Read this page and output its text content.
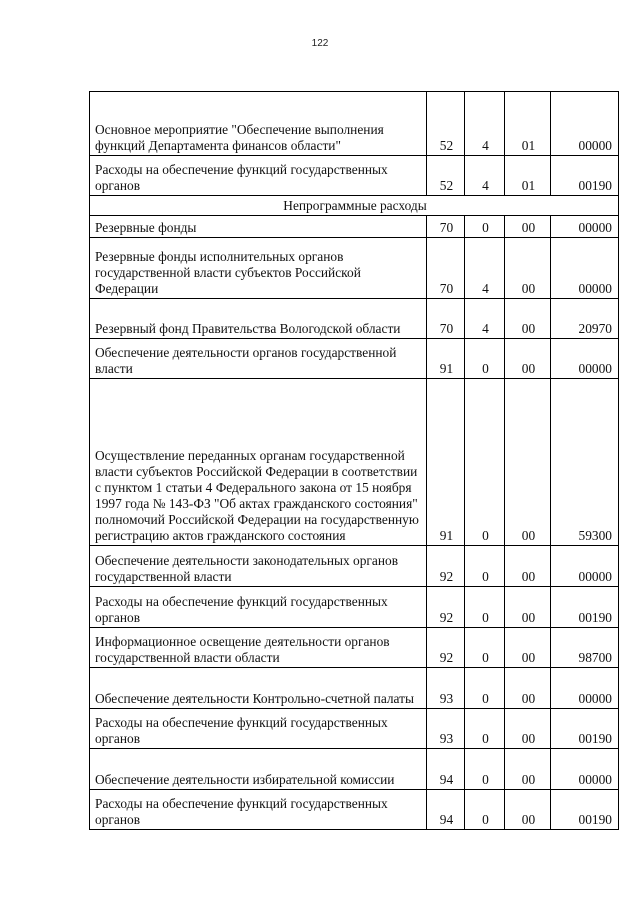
122
Основное мероприятие "Обеспечение выполнения функций Департамента финансов области"	52	4	01	00000
Расходы на обеспечение функций государственных органов	52	4	01	00190
Непрограммные расходы				
Резервные фонды	70	0	00	00000
Резервные фонды исполнительных органов государственной власти субъектов Российской Федерации	70	4	00	00000
Резервный фонд Правительства Вологодской области	70	4	00	20970
Обеспечение деятельности органов государственной власти	91	0	00	00000
Осуществление переданных органам государственной власти субъектов Российской Федерации в соответствии с пунктом 1 статьи 4 Федерального закона от 15 ноября 1997 года № 143-ФЗ "Об актах гражданского состояния" полномочий Российской Федерации на государственную регистрацию актов гражданского состояния	91	0	00	59300
Обеспечение деятельности законодательных органов государственной власти	92	0	00	00000
Расходы на обеспечение функций государственных органов	92	0	00	00190
Информационное освещение деятельности органов государственной власти области	92	0	00	98700
Обеспечение деятельности Контрольно-счетной палаты	93	0	00	00000
Расходы на обеспечение функций государственных органов	93	0	00	00190
Обеспечение деятельности избирательной комиссии	94	0	00	00000
Расходы на обеспечение функций государственных органов	94	0	00	00190
